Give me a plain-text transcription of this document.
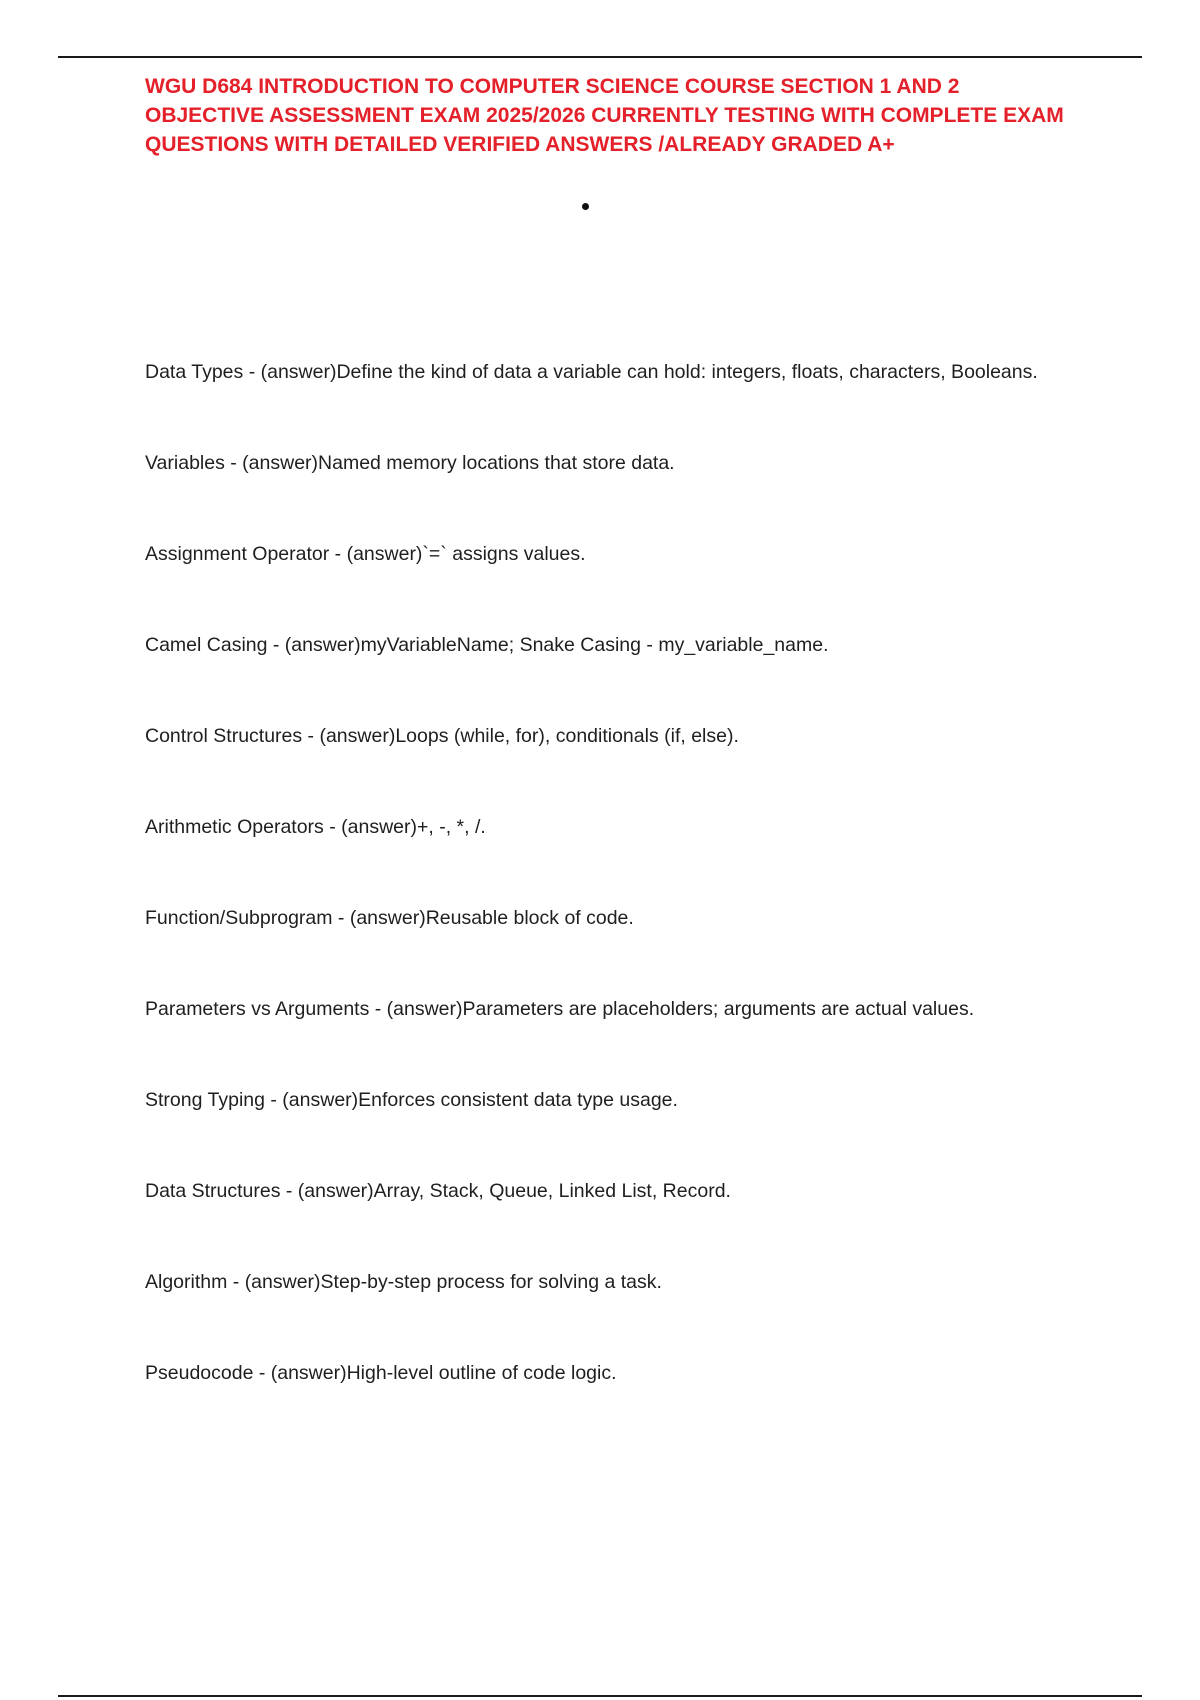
WGU D684 INTRODUCTION TO COMPUTER SCIENCE COURSE SECTION 1 AND 2
OBJECTIVE ASSESSMENT EXAM 2025/2026 CURRENTLY TESTING WITH COMPLETE EXAM
QUESTIONS WITH DETAILED VERIFIED ANSWERS /ALREADY GRADED A+
Data Types - (answer)Define the kind of data a variable can hold: integers, floats, characters, Booleans.
Variables - (answer)Named memory locations that store data.
Assignment Operator - (answer)`=` assigns values.
Camel Casing - (answer)myVariableName; Snake Casing - my_variable_name.
Control Structures - (answer)Loops (while, for), conditionals (if, else).
Arithmetic Operators - (answer)+, -, *, /.
Function/Subprogram - (answer)Reusable block of code.
Parameters vs Arguments - (answer)Parameters are placeholders; arguments are actual values.
Strong Typing - (answer)Enforces consistent data type usage.
Data Structures - (answer)Array, Stack, Queue, Linked List, Record.
Algorithm - (answer)Step-by-step process for solving a task.
Pseudocode - (answer)High-level outline of code logic.
